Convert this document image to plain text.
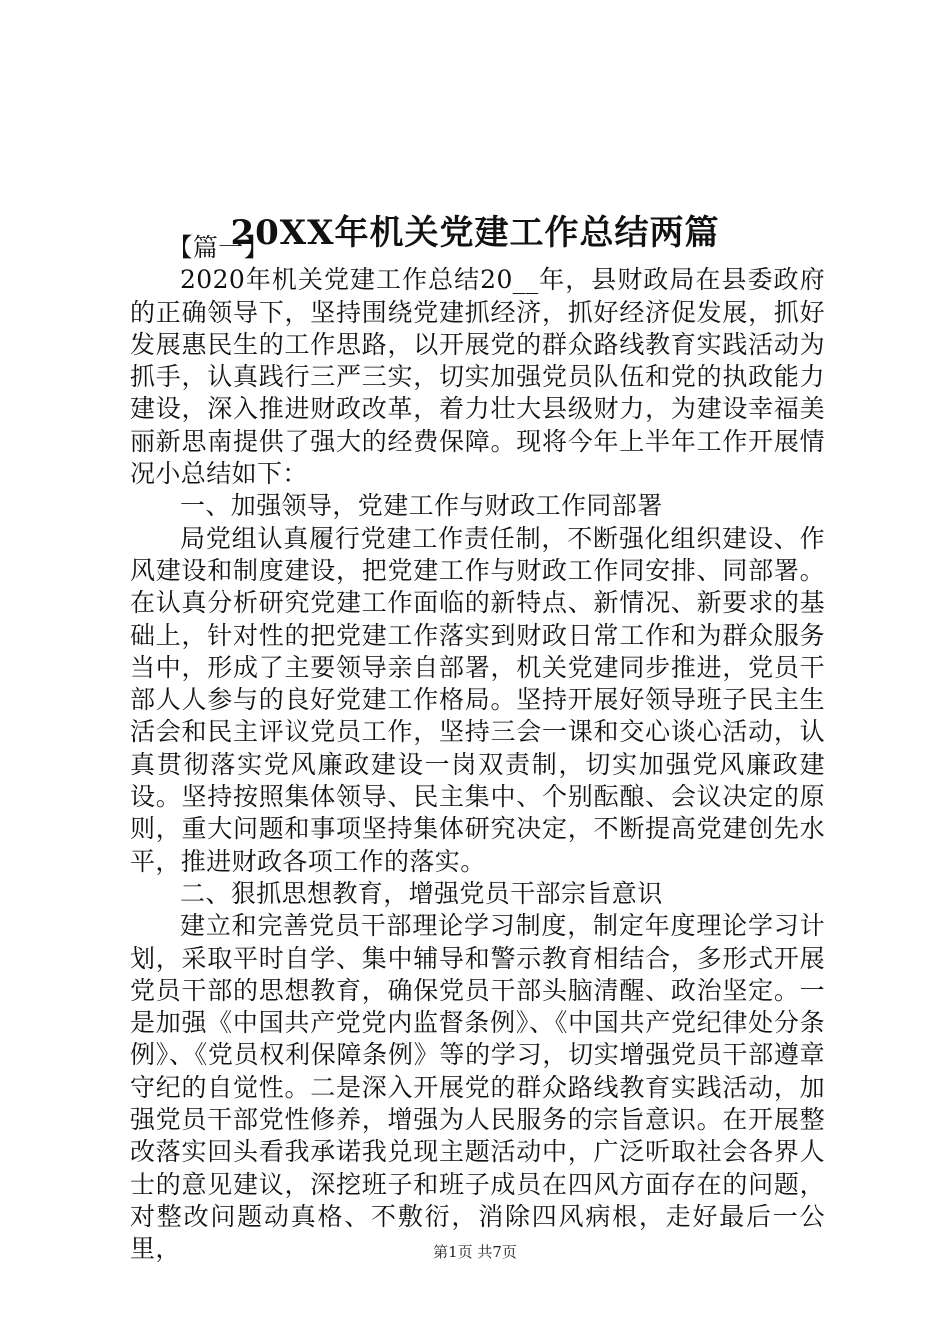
20XX年机关党建工作总结两篇

【篇一】

2020年机关党建工作总结20__年，县财政局在县委政府的正确领导下，坚持围绕党建抓经济，抓好经济促发展，抓好发展惠民生的工作思路，以开展党的群众路线教育实践活动为抓手，认真践行三严三实，切实加强党员队伍和党的执政能力建设，深入推进财政改革，着力壮大县级财力，为建设幸福美丽新思南提供了强大的经费保障。现将今年上半年工作开展情况小总结如下：

一、加强领导，党建工作与财政工作同部署

局党组认真履行党建工作责任制，不断强化组织建设、作风建设和制度建设，把党建工作与财政工作同安排、同部署。在认真分析研究党建工作面临的新特点、新情况、新要求的基础上，针对性的把党建工作落实到财政日常工作和为群众服务当中，形成了主要领导亲自部署，机关党建同步推进，党员干部人人参与的良好党建工作格局。坚持开展好领导班子民主生活会和民主评议党员工作，坚持三会一课和交心谈心活动，认真贯彻落实党风廉政建设一岗双责制，切实加强党风廉政建设。坚持按照集体领导、民主集中、个别酝酿、会议决定的原则，重大问题和事项坚持集体研究决定，不断提高党建创先水平，推进财政各项工作的落实。

二、狠抓思想教育，增强党员干部宗旨意识

建立和完善党员干部理论学习制度，制定年度理论学习计划，采取平时自学、集中辅导和警示教育相结合，多形式开展党员干部的思想教育，确保党员干部头脑清醒、政治坚定。一是加强《中国共产党党内监督条例》、《中国共产党纪律处分条例》、《党员权利保障条例》等的学习，切实增强党员干部遵章守纪的自觉性。二是深入开展党的群众路线教育实践活动，加强党员干部党性修养，增强为人民服务的宗旨意识。在开展整改落实回头看我承诺我兑现主题活动中，广泛听取社会各界人士的意见建议，深挖班子和班子成员在四风方面存在的问题，对整改问题动真格、不敷衍，消除四风病根，走好最后一公里，	第1页 共7页
